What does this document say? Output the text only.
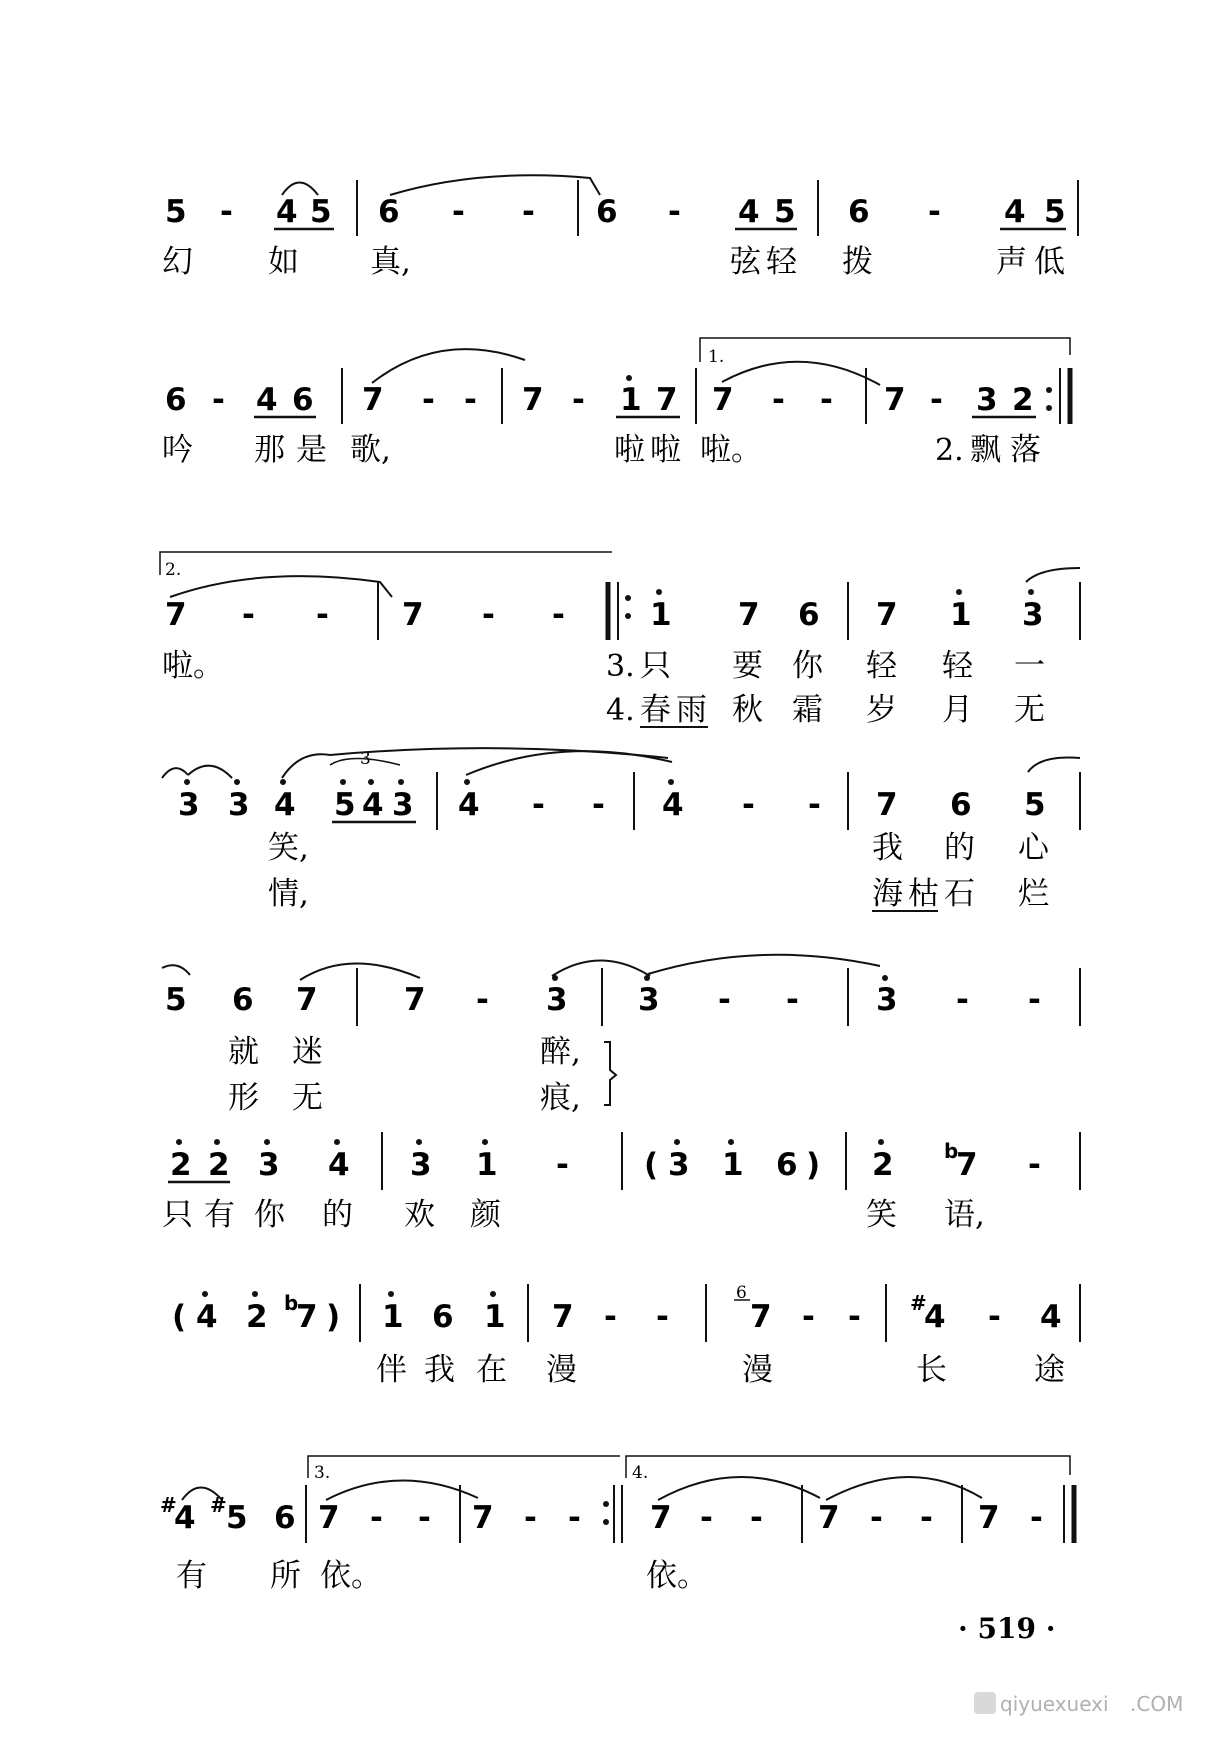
5 - 4 5 6 - - 6 - 4 5 6 - 4 5
幻 如 真,	弦 轻 拨	声 低
6 - 4 6 7 - - 7 - 1 7
1.
7 - - 7 - 3 2
吟 那 是 歌,	啦 啦 啦。	2. 飘 落
2.
7 - - 7 - -	1 7 6 7 1 3
啦。	3. 只 要 你 轻 轻 一
4. 春 雨 秋 霜 岁 月 无
3 3 4
3
5 4 3 4 - - 4 - - 7 6 5
笑,	我 的 心
情,	海 枯 石 烂
5 6 7	7 - 3 3 - - 3 - -
就 迷	醉,
形 无	痕,
2 2 3 4 3 1 - ( 3 1 6 ) 2	b
7 -
只 有 你 的 欢 颜	笑 语,
( 4 2 b
7 ) 1 6 1 7 - -
6
7 - - #
4 - 4
伴 我 在 漫	漫	长	途
#
4 # 5 6
3.
7 - - 7 - -
4.
7 - - 7 - - 7 -
有 所 依。	依。
· 519 ·
qiyuexuexi .COM
